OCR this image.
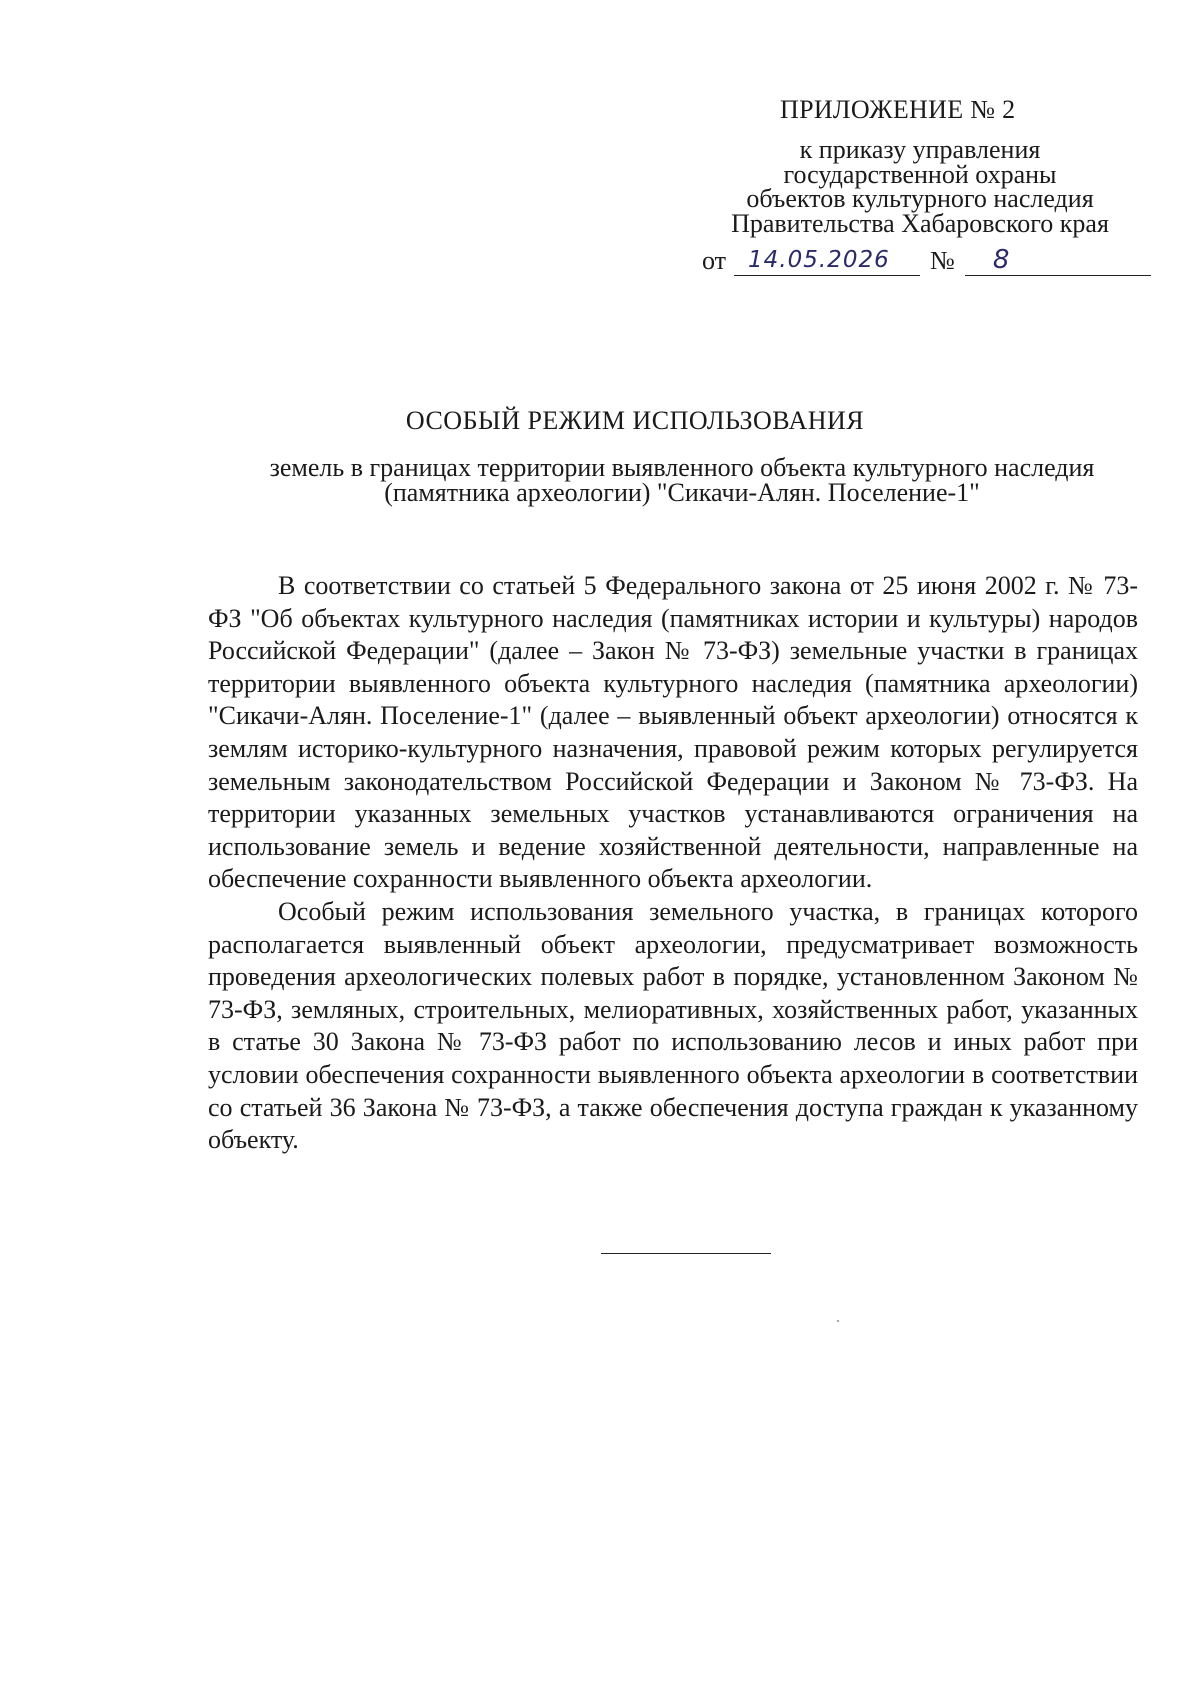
ПРИЛОЖЕНИЕ № 2
к приказу управления
государственной охраны
объектов культурного наследия
Правительства Хабаровского края
от 14.05.2026 № 8
ОСОБЫЙ РЕЖИМ ИСПОЛЬЗОВАНИЯ
земель в границах территории выявленного объекта культурного наследия
(памятника археологии) "Сикачи-Алян. Поселение-1"

В соответствии со статьей 5 Федерального закона от 25 июня 2002 г. № 73-ФЗ "Об объектах культурного наследия (памятниках истории и культуры) народов Российской Федерации" (далее – Закон № 73-ФЗ) земельные участки в границах территории выявленного объекта культурного наследия (памятника археологии) "Сикачи-Алян. Поселение-1" (далее – выявленный объект археологии) относятся к землям историко-культурного назначения, правовой режим которых регулируется земельным законодательством Российской Федерации и Законом № 73-ФЗ. На территории указанных земельных участков устанавливаются ограничения на использование земель и ведение хозяйственной деятельности, направленные на обеспечение сохранности выявленного объекта археологии.

Особый режим использования земельного участка, в границах которого располагается выявленный объект археологии, предусматривает возможность проведения археологических полевых работ в порядке, установленном Законом № 73-ФЗ, земляных, строительных, мелиоративных, хозяйственных работ, указанных в статье 30 Закона № 73-ФЗ работ по использованию лесов и иных работ при условии обеспечения сохранности выявленного объекта археологии в соответствии со статьей 36 Закона № 73-ФЗ, а также обеспечения доступа граждан к указанному объекту.
